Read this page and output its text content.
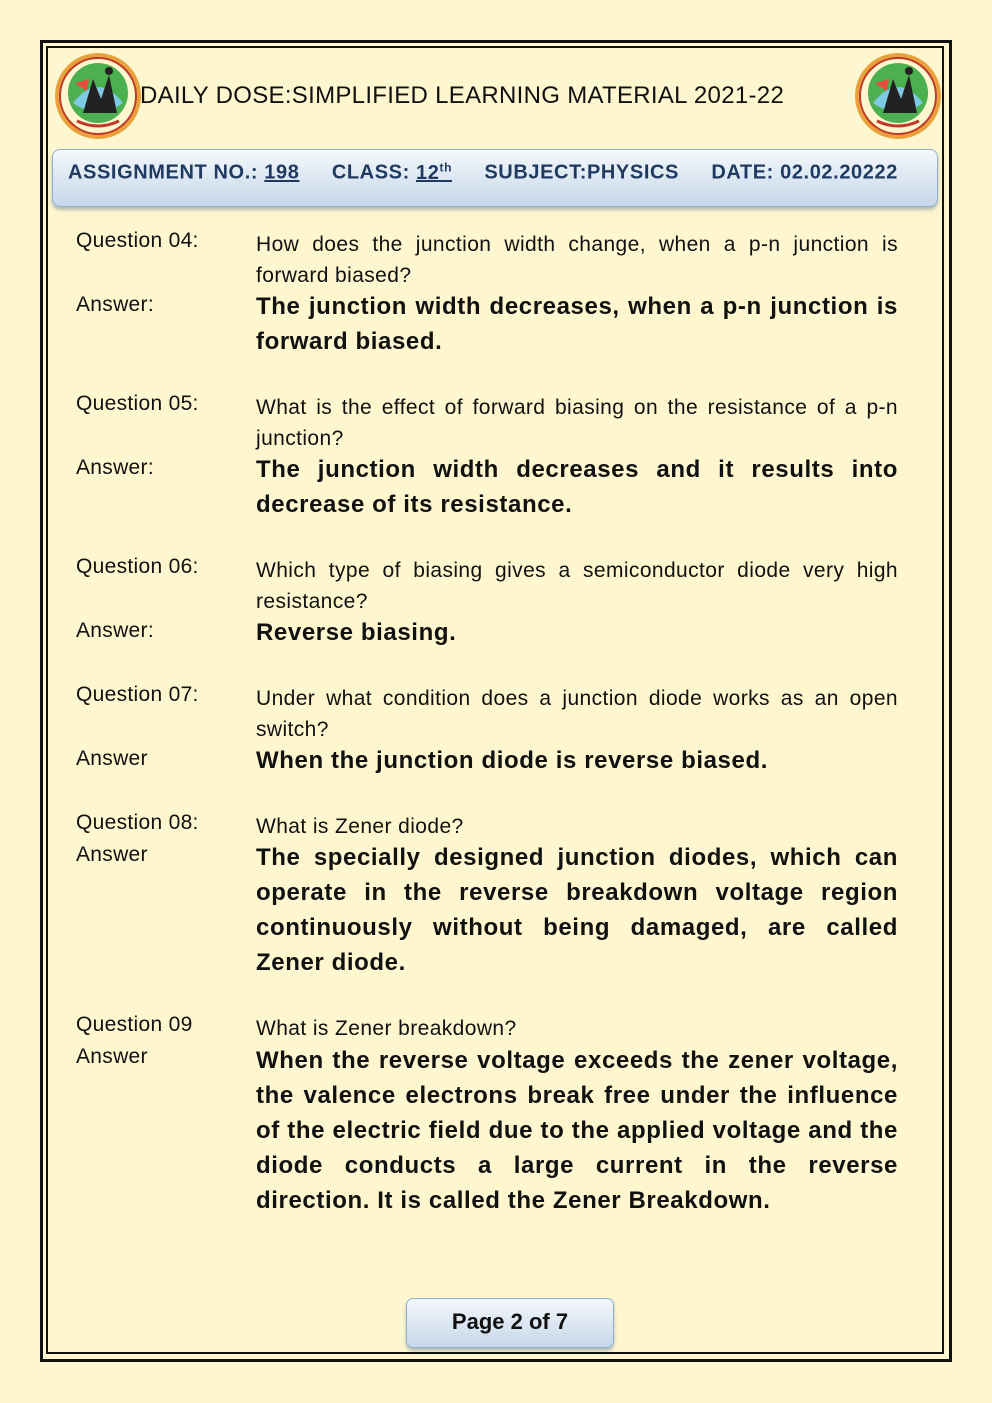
DAILY DOSE:SIMPLIFIED LEARNING MATERIAL 2021-22
ASSIGNMENT NO.: 198 CLASS: 12th SUBJECT:PHYSICS DATE: 02.02.20222
Question 04:	How does the junction width change, when a p-n junction is forward biased?
Answer:	The junction width decreases, when a p-n junction is forward biased.
Question 05:	What is the effect of forward biasing on the resistance of a p-n junction?
Answer:	The junction width decreases and it results into decrease of its resistance.
Question 06:	Which type of biasing gives a semiconductor diode very high resistance?
Answer:	Reverse biasing.
Question 07:	Under what condition does a junction diode works as an open switch?
Answer	When the junction diode is reverse biased.
Question 08:	What is Zener diode?
Answer	The specially designed junction diodes, which can operate in the reverse breakdown voltage region continuously without being damaged, are called Zener diode.
Question 09	What is Zener breakdown?
Answer	When the reverse voltage exceeds the zener voltage, the valence electrons break free under the influence of the electric field due to the applied voltage and the diode conducts a large current in the reverse direction. It is called the Zener Breakdown.
Page 2 of 7
